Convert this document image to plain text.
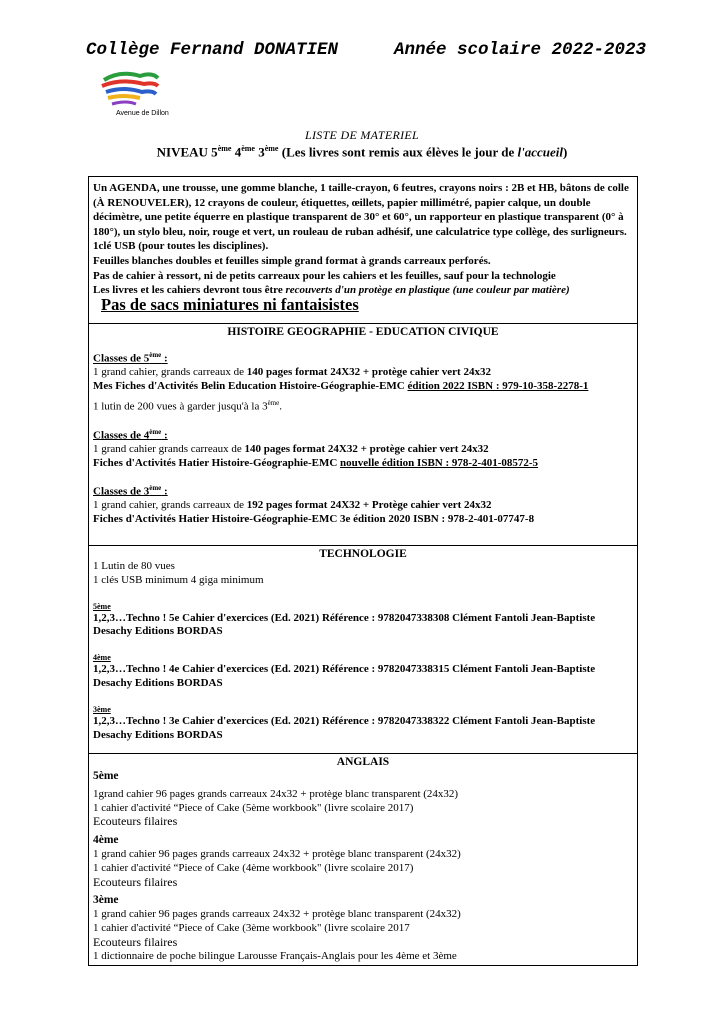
Collège Fernand DONATIEN	Année scolaire 2022-2023
Avenue de Dillon
LISTE DE MATERIEL
NIVEAU 5ème 4ème 3ème (Les livres sont remis aux élèves le jour de l'accueil)

Un AGENDA, une trousse, une gomme blanche, 1 taille-crayon, 6 feutres, crayons noirs : 2B et HB, bâtons de colle (À RENOUVELER), 12 crayons de couleur, étiquettes, œillets, papier millimétré, papier calque, un double décimètre, une petite équerre en plastique transparent de 30° et 60°, un rapporteur en plastique transparent (0° à 180°), un stylo bleu, noir, rouge et vert, un rouleau de ruban adhésif, une calculatrice type collège, des surligneurs. 1clé USB (pour toutes les disciplines).

Feuilles blanches doubles et feuilles simple grand format à grands carreaux perforés.

Pas de cahier à ressort, ni de petits carreaux pour les cahiers et les feuilles, sauf pour la technologie

Les livres et les cahiers devront tous être recouverts d'un protège en plastique (une couleur par matière)

Pas de sacs miniatures ni fantaisistes

HISTOIRE GEOGRAPHIE - EDUCATION CIVIQUE

Classes de 5ème :

1 grand cahier, grands carreaux de 140 pages format 24X32 + protège cahier vert 24x32

Mes Fiches d'Activités Belin Education Histoire-Géographie-EMC édition 2022 ISBN : 979-10-358-2278-1

1 lutin de 200 vues à garder jusqu'à la 3ème.

Classes de 4ème :

1 grand cahier grands carreaux de 140 pages format 24X32 + protège cahier vert 24x32

Fiches d'Activités Hatier Histoire-Géographie-EMC nouvelle édition ISBN : 978-2-401-08572-5

Classes de 3ème :

1 grand cahier, grands carreaux de 192 pages format 24X32 + Protège cahier vert 24x32

Fiches d'Activités Hatier Histoire-Géographie-EMC 3e édition 2020 ISBN : 978-2-401-07747-8

TECHNOLOGIE

1 Lutin de 80 vues

1 clés USB minimum 4 giga minimum

5ème

1,2,3…Techno ! 5e Cahier d'exercices (Ed. 2021) Référence : 9782047338308 Clément Fantoli Jean-Baptiste Desachy Editions BORDAS

4ème

1,2,3…Techno ! 4e Cahier d'exercices (Ed. 2021) Référence : 9782047338315 Clément Fantoli Jean-Baptiste Desachy Editions BORDAS

3ème

1,2,3…Techno ! 3e Cahier d'exercices (Ed. 2021) Référence : 9782047338322 Clément Fantoli Jean-Baptiste Desachy Editions BORDAS

ANGLAIS

5ème

1grand cahier 96 pages grands carreaux 24x32 + protège blanc transparent (24x32)

1 cahier d'activité “Piece of Cake (5ème workbook" (livre scolaire 2017)

Ecouteurs filaires

4ème

1 grand cahier 96 pages grands carreaux 24x32 + protège blanc transparent (24x32)

1 cahier d'activité “Piece of Cake (4ème workbook" (livre scolaire 2017)

Ecouteurs filaires

3ème

1 grand cahier 96 pages grands carreaux 24x32 + protège blanc transparent (24x32)

1 cahier d'activité “Piece of Cake (3ème workbook" (livre scolaire 2017

Ecouteurs filaires

1 dictionnaire de poche bilingue Larousse Français-Anglais pour les 4ème et 3ème
